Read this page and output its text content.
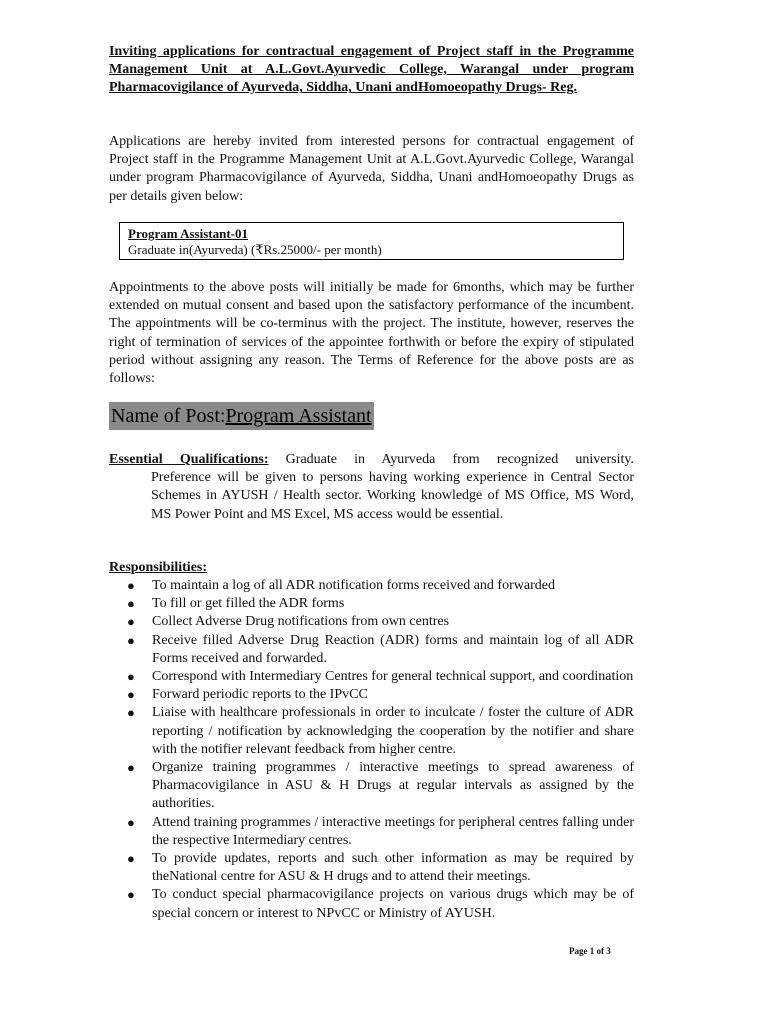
Inviting applications for contractual engagement of Project staff in the Programme Management Unit at A.L.Govt.Ayurvedic College, Warangal under program Pharmacovigilance of Ayurveda, Siddha, Unani andHomoeopathy Drugs- Reg.
Applications are hereby invited from interested persons for contractual engagement of Project staff in the Programme Management Unit at A.L.Govt.Ayurvedic College, Warangal under program Pharmacovigilance of Ayurveda, Siddha, Unani andHomoeopathy Drugs as per details given below:
Program Assistant-01
Graduate in(Ayurveda) (₹Rs.25000/- per month)
Appointments to the above posts will initially be made for 6months, which may be further extended on mutual consent and based upon the satisfactory performance of the incumbent. The appointments will be co-terminus with the project. The institute, however, reserves the right of termination of services of the appointee forthwith or before the expiry of stipulated period without assigning any reason. The Terms of Reference for the above posts are as follows:
Name of Post:Program Assistant
Essential Qualifications: Graduate in Ayurveda from recognized university.
Preference will be given to persons having working experience in Central Sector Schemes in AYUSH / Health sector. Working knowledge of MS Office, MS Word, MS Power Point and MS Excel, MS access would be essential.
Responsibilities:
● To maintain a log of all ADR notification forms received and forwarded
● To fill or get filled the ADR forms
● Collect Adverse Drug notifications from own centres
● Receive filled Adverse Drug Reaction (ADR) forms and maintain log of all ADR Forms received and forwarded.
● Correspond with Intermediary Centres for general technical support, and coordination
● Forward periodic reports to the IPvCC
● Liaise with healthcare professionals in order to inculcate / foster the culture of ADR reporting / notification by acknowledging the cooperation by the notifier and share with the notifier relevant feedback from higher centre.
● Organize training programmes / interactive meetings to spread awareness of Pharmacovigilance in ASU & H Drugs at regular intervals as assigned by the authorities.
● Attend training programmes / interactive meetings for peripheral centres falling under the respective Intermediary centres.
● To provide updates, reports and such other information as may be required by theNational centre for ASU & H drugs and to attend their meetings.
● To conduct special pharmacovigilance projects on various drugs which may be of special concern or interest to NPvCC or Ministry of AYUSH.
Page 1 of 3
